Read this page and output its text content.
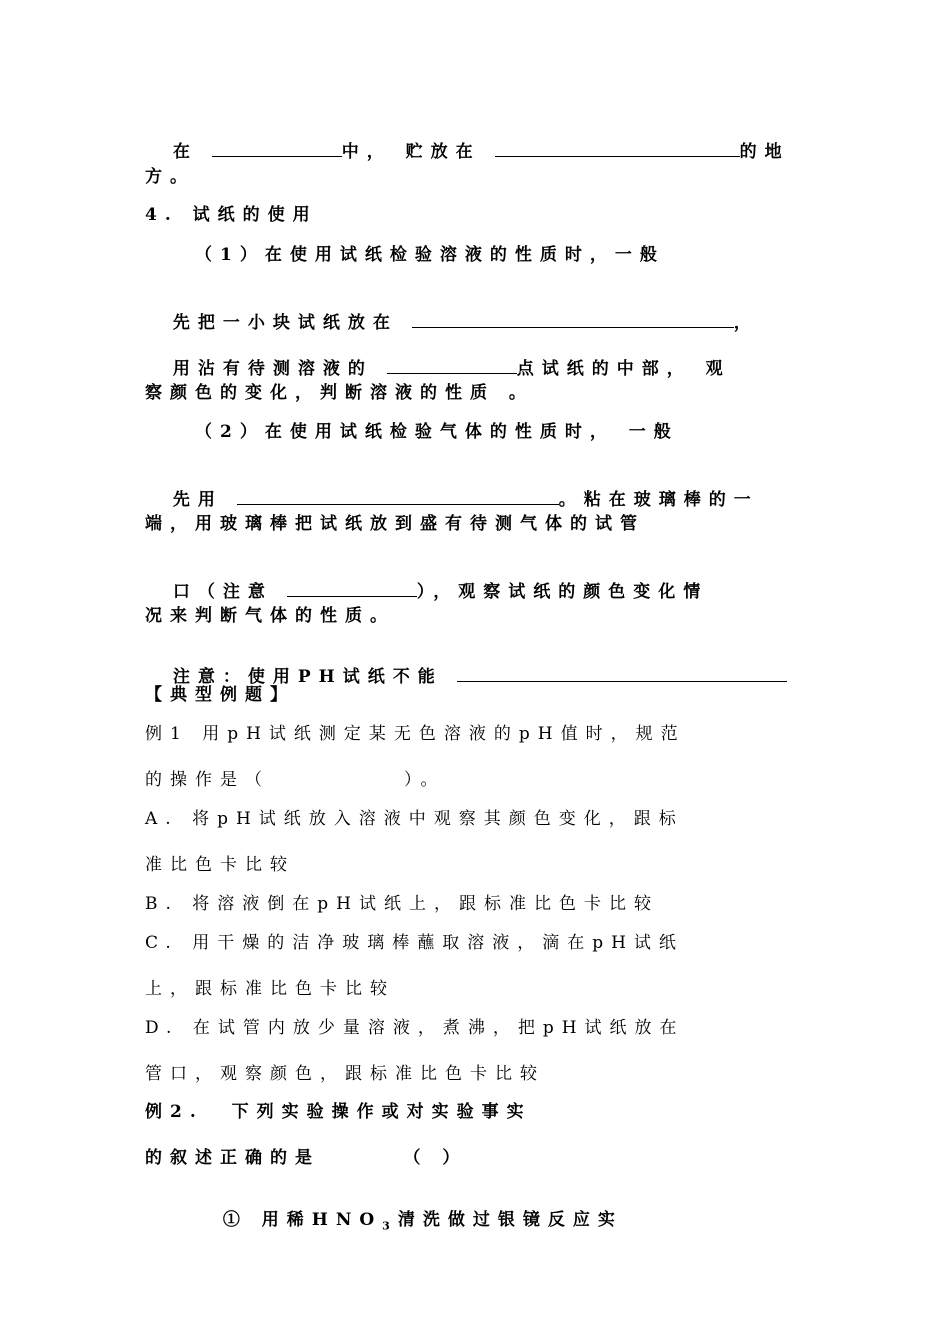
在	中， 贮放在	的地

方。
4. 试纸的使用
（1）在使用试纸检验溶液的性质时，一般

先把一小块试纸放在	，

用沾有待测溶液的	点试纸的中部， 观

察颜色的变化，判断溶液的性质 。
（2）在使用试纸检验气体的性质时， 一般

先用	。粘在玻璃棒的一

端，用玻璃棒把试纸放到盛有待测气体的试管

口（注意	），观察试纸的颜色变化情

况来判断气体的性质。

注意：使用PH试纸不能

【典型例题】
例1 用pH试纸测定某无色溶液的pH值时，规范
的操作是（          ）。
A. 将pH试纸放入溶液中观察其颜色变化，跟标
准比色卡比较
B. 将溶液倒在pH试纸上，跟标准比色卡比较
C. 用干燥的洁净玻璃棒蘸取溶液，滴在pH试纸
上，跟标准比色卡比较
D. 在试管内放少量溶液，煮沸，把pH试纸放在
管口，观察颜色，跟标准比色卡比较
例2.  下列实验操作或对实验事实
的叙述正确的是      （ ）

① 用稀$HNO_3$清洗做过银镜反应实
